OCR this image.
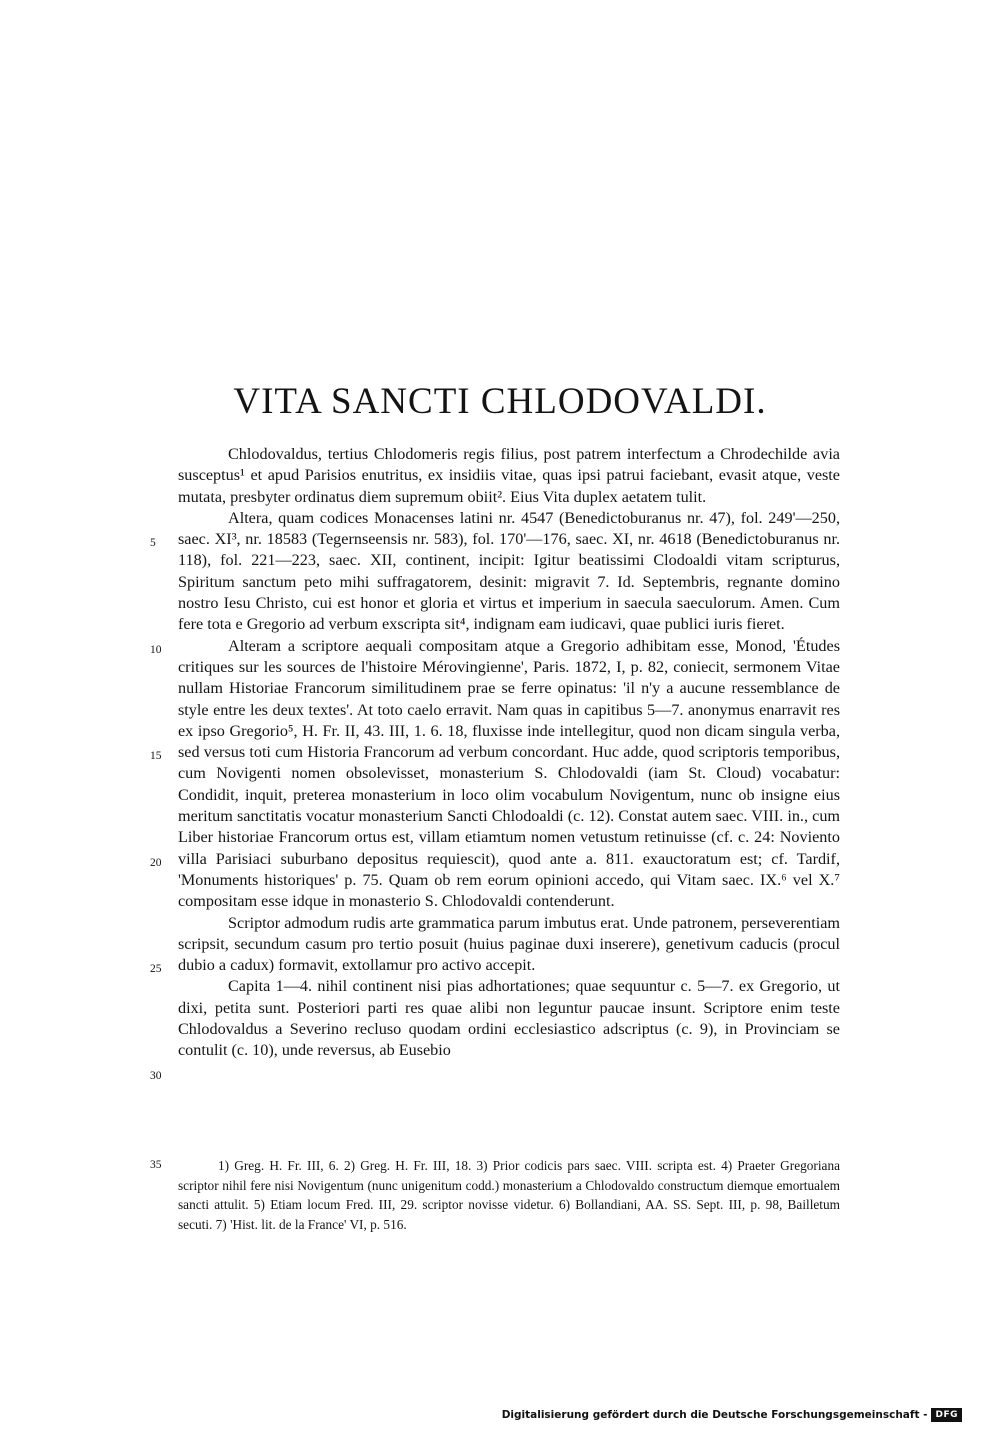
VITA SANCTI CHLODOVALDI.
5
10
15
20
25
30

Chlodovaldus, tertius Chlodomeris regis filius, post patrem interfectum a Chrodechilde avia susceptus¹ et apud Parisios enutritus, ex insidiis vitae, quas ipsi patrui faciebant, evasit atque, veste mutata, presbyter ordinatus diem supremum obiit². Eius Vita duplex aetatem tulit.

Altera, quam codices Monacenses latini nr. 4547 (Benedictoburanus nr. 47), fol. 249'—250, saec. XI³, nr. 18583 (Tegernseensis nr. 583), fol. 170'—176, saec. XI, nr. 4618 (Benedictoburanus nr. 118), fol. 221—223, saec. XII, continent, incipit: Igitur beatissimi Clodoaldi vitam scripturus, Spiritum sanctum peto mihi suffragatorem, desinit: migravit 7. Id. Septembris, regnante domino nostro Iesu Christo, cui est honor et gloria et virtus et imperium in saecula saeculorum. Amen. Cum fere tota e Gregorio ad verbum exscripta sit⁴, indignam eam iudicavi, quae publici iuris fieret.

Alteram a scriptore aequali compositam atque a Gregorio adhibitam esse, Monod, 'Études critiques sur les sources de l'histoire Mérovingienne', Paris. 1872, I, p. 82, coniecit, sermonem Vitae nullam Historiae Francorum similitudinem prae se ferre opinatus: 'il n'y a aucune ressemblance de style entre les deux textes'. At toto caelo erravit. Nam quas in capitibus 5—7. anonymus enarravit res ex ipso Gregorio⁵, H. Fr. II, 43. III, 1. 6. 18, fluxisse inde intellegitur, quod non dicam singula verba, sed versus toti cum Historia Francorum ad verbum concordant. Huc adde, quod scriptoris temporibus, cum Novigenti nomen obsolevisset, monasterium S. Chlodovaldi (iam St. Cloud) vocabatur: Condidit, inquit, preterea monasterium in loco olim vocabulum Novigentum, nunc ob insigne eius meritum sanctitatis vocatur monasterium Sancti Chlodoaldi (c. 12). Constat autem saec. VIII. in., cum Liber historiae Francorum ortus est, villam etiamtum nomen vetustum retinuisse (cf. c. 24: Noviento villa Parisiaci suburbano depositus requiescit), quod ante a. 811. exauctoratum est; cf. Tardif, 'Monuments historiques' p. 75. Quam ob rem eorum opinioni accedo, qui Vitam saec. IX.⁶ vel X.⁷ compositam esse idque in monasterio S. Chlodovaldi contenderunt.

Scriptor admodum rudis arte grammatica parum imbutus erat. Unde patronem, perseverentiam scripsit, secundum casum pro tertio posuit (huius paginae duxi inserere), genetivum caducis (procul dubio a cadux) formavit, extollamur pro activo accepit.

Capita 1—4. nihil continent nisi pias adhortationes; quae sequuntur c. 5—7. ex Gregorio, ut dixi, petita sunt. Posteriori parti res quae alibi non leguntur paucae insunt. Scriptore enim teste Chlodovaldus a Severino recluso quodam ordini ecclesiastico adscriptus (c. 9), in Provinciam se contulit (c. 10), unde reversus, ab Eusebio

35	1) Greg. H. Fr. III, 6. 2) Greg. H. Fr. III, 18. 3) Prior codicis pars saec. VIII. scripta est. 4) Praeter Gregoriana scriptor nihil fere nisi Novigentum (nunc unigenitum codd.) monasterium a Chlodovaldo constructum diemque emortualem sancti attulit. 5) Etiam locum Fred. III, 29. scriptor novisse videtur. 6) Bollandiani, AA. SS. Sept. III, p. 98, Bailletum secuti. 7) 'Hist. lit. de la France' VI, p. 516.
Digitalisierung gefördert durch die Deutsche Forschungsgemeinschaft - DFG
